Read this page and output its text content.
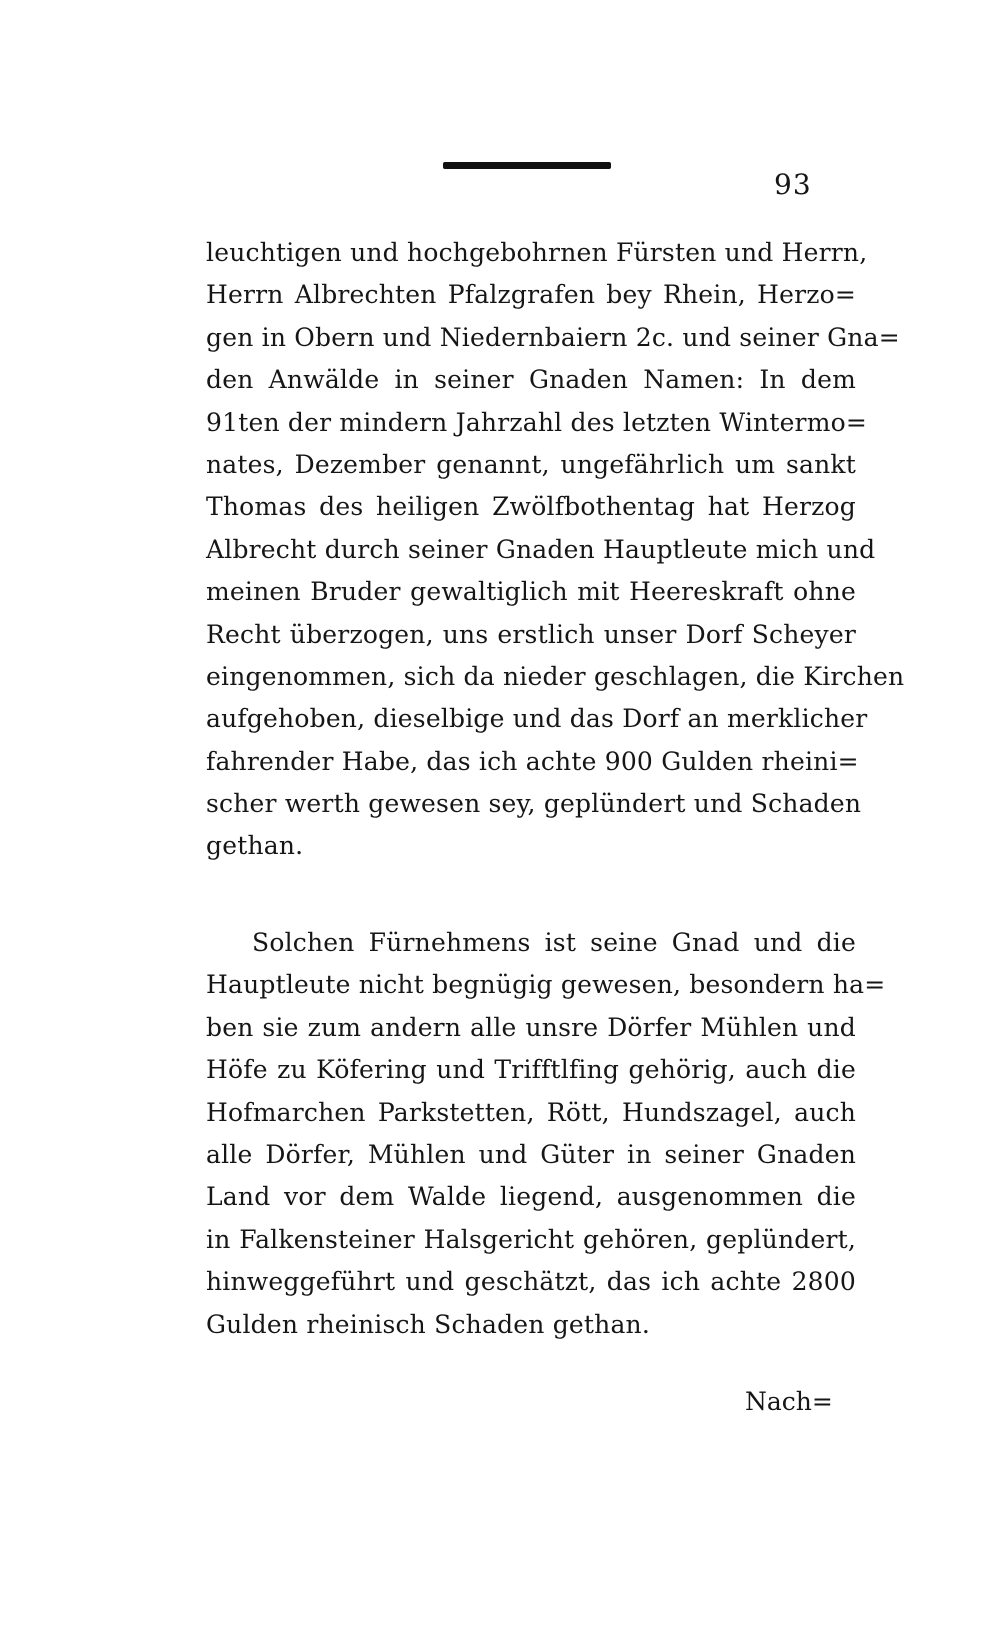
93
leuchtigen und hochgebohrnen Fürsten und Herrn,
Herrn Albrechten Pfalzgrafen bey Rhein, Herzo=
gen in Obern und Niedernbaiern 2c. und seiner Gna=
den Anwälde in seiner Gnaden Namen: In dem
91ten der mindern Jahrzahl des letzten Wintermo=
nates, Dezember genannt, ungefährlich um sankt
Thomas des heiligen Zwölfbothentag hat Herzog
Albrecht durch seiner Gnaden Hauptleute mich und
meinen Bruder gewaltiglich mit Heereskraft ohne
Recht überzogen, uns erstlich unser Dorf Scheyer
eingenommen, sich da nieder geschlagen, die Kirchen
aufgehoben, dieselbige und das Dorf an merklicher
fahrender Habe, das ich achte 900 Gulden rheini=
scher werth gewesen sey, geplündert und Schaden
gethan.
Solchen Fürnehmens ist seine Gnad und die
Hauptleute nicht begnügig gewesen, besondern ha=
ben sie zum andern alle unsre Dörfer Mühlen und
Höfe zu Köfering und Trifftlfing gehörig, auch die
Hofmarchen Parkstetten, Rött, Hundszagel, auch
alle Dörfer, Mühlen und Güter in seiner Gnaden
Land vor dem Walde liegend, ausgenommen die
in Falkensteiner Halsgericht gehören, geplündert,
hinweggeführt und geschätzt, das ich achte 2800
Gulden rheinisch Schaden gethan.
Nach=
